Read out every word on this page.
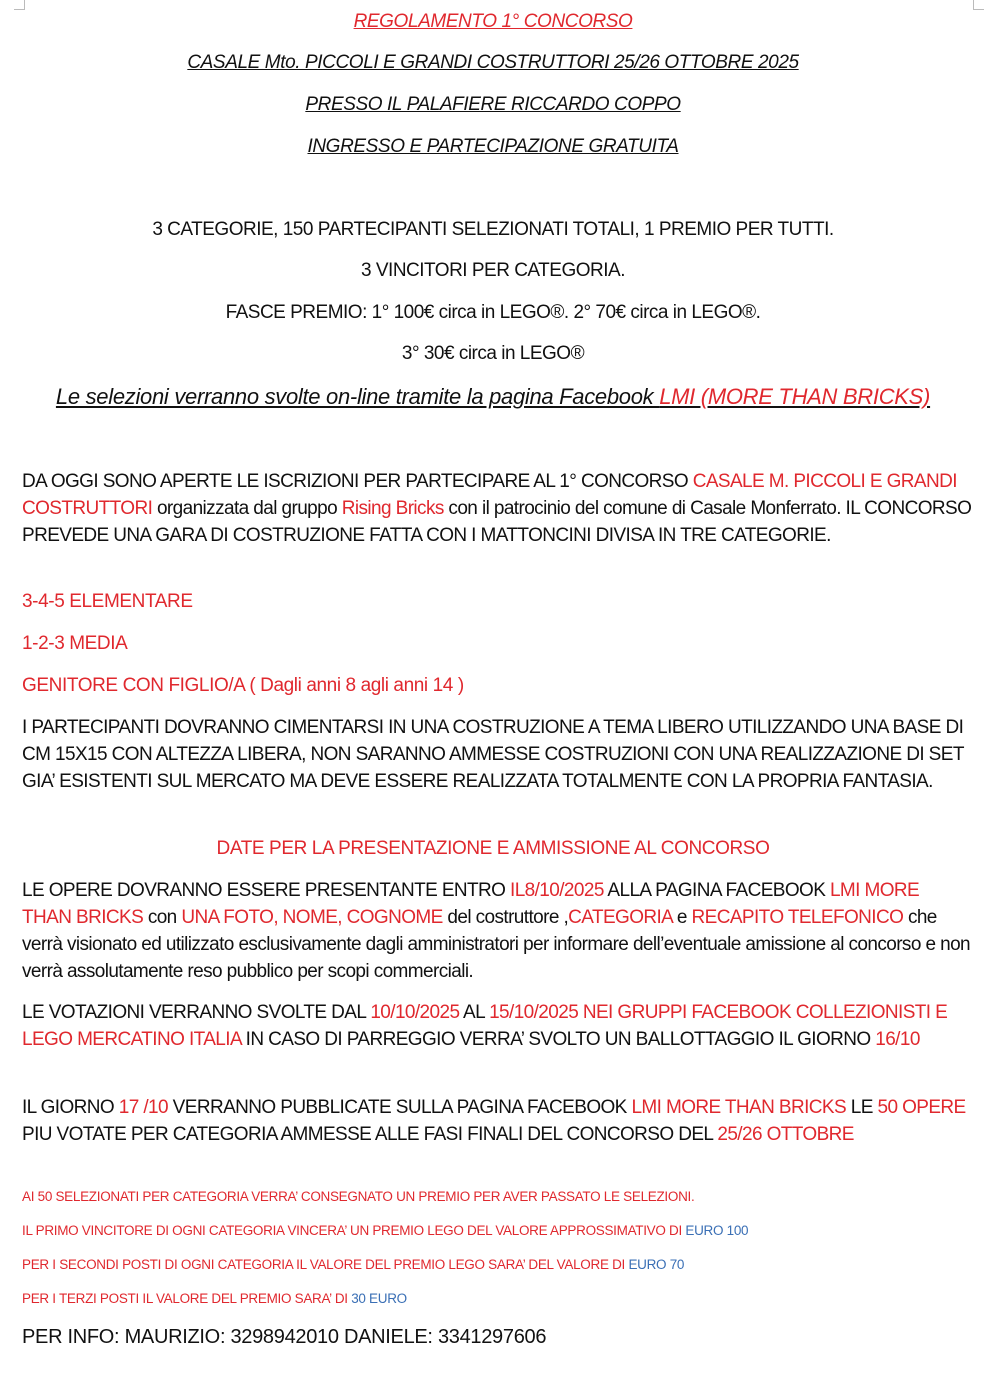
REGOLAMENTO 1° CONCORSO
CASALE Mto. PICCOLI E GRANDI COSTRUTTORI 25/26 OTTOBRE 2025
PRESSO IL PALAFIERE RICCARDO COPPO
INGRESSO E PARTECIPAZIONE GRATUITA
3 CATEGORIE, 150 PARTECIPANTI SELEZIONATI TOTALI, 1 PREMIO PER TUTTI.
3 VINCITORI PER CATEGORIA.
FASCE PREMIO: 1° 100€ circa in LEGO®. 2° 70€ circa in LEGO®.
3° 30€ circa in LEGO®
Le selezioni verranno svolte on-line tramite la pagina Facebook LMI (MORE THAN BRICKS)
DA OGGI SONO APERTE LE ISCRIZIONI PER PARTECIPARE AL 1° CONCORSO CASALE M. PICCOLI E GRANDI COSTRUTTORI organizzata dal gruppo Rising Bricks con il patrocinio del comune di Casale Monferrato. IL CONCORSO PREVEDE UNA GARA DI COSTRUZIONE FATTA CON I MATTONCINI DIVISA IN TRE CATEGORIE.
3-4-5 ELEMENTARE
1-2-3 MEDIA
GENITORE CON FIGLIO/A ( Dagli anni 8 agli anni 14 )
I PARTECIPANTI DOVRANNO CIMENTARSI IN UNA COSTRUZIONE A TEMA LIBERO UTILIZZANDO UNA BASE DI CM 15X15 CON ALTEZZA LIBERA, NON SARANNO AMMESSE COSTRUZIONI CON UNA REALIZZAZIONE DI SET GIA’ ESISTENTI SUL MERCATO MA DEVE ESSERE REALIZZATA TOTALMENTE CON LA PROPRIA FANTASIA.
DATE PER LA PRESENTAZIONE E AMMISSIONE AL CONCORSO
LE OPERE DOVRANNO ESSERE PRESENTANTE ENTRO IL8/10/2025 ALLA PAGINA FACEBOOK LMI MORE THAN BRICKS con UNA FOTO, NOME, COGNOME del costruttore ,CATEGORIA e RECAPITO TELEFONICO che verrà visionato ed utilizzato esclusivamente dagli amministratori per informare dell’eventuale amissione al concorso e non verrà assolutamente reso pubblico per scopi commerciali.
LE VOTAZIONI VERRANNO SVOLTE DAL 10/10/2025 AL 15/10/2025 NEI GRUPPI FACEBOOK COLLEZIONISTI E LEGO MERCATINO ITALIA IN CASO DI PARREGGIO VERRA’ SVOLTO UN BALLOTTAGGIO IL GIORNO 16/10
IL GIORNO 17 /10 VERRANNO PUBBLICATE SULLA PAGINA FACEBOOK LMI MORE THAN BRICKS LE 50 OPERE PIU VOTATE PER CATEGORIA AMMESSE ALLE FASI FINALI DEL CONCORSO DEL 25/26 OTTOBRE
AI 50 SELEZIONATI PER CATEGORIA VERRA’ CONSEGNATO UN PREMIO PER AVER PASSATO LE SELEZIONI.
IL PRIMO VINCITORE DI OGNI CATEGORIA VINCERA’ UN PREMIO LEGO DEL VALORE APPROSSIMATIVO DI EURO 100
PER I SECONDI POSTI DI OGNI CATEGORIA IL VALORE DEL PREMIO LEGO SARA’ DEL VALORE DI EURO 70
PER I TERZI POSTI IL VALORE DEL PREMIO SARA’ DI 30 EURO
PER INFO: MAURIZIO: 3298942010 DANIELE: 3341297606
